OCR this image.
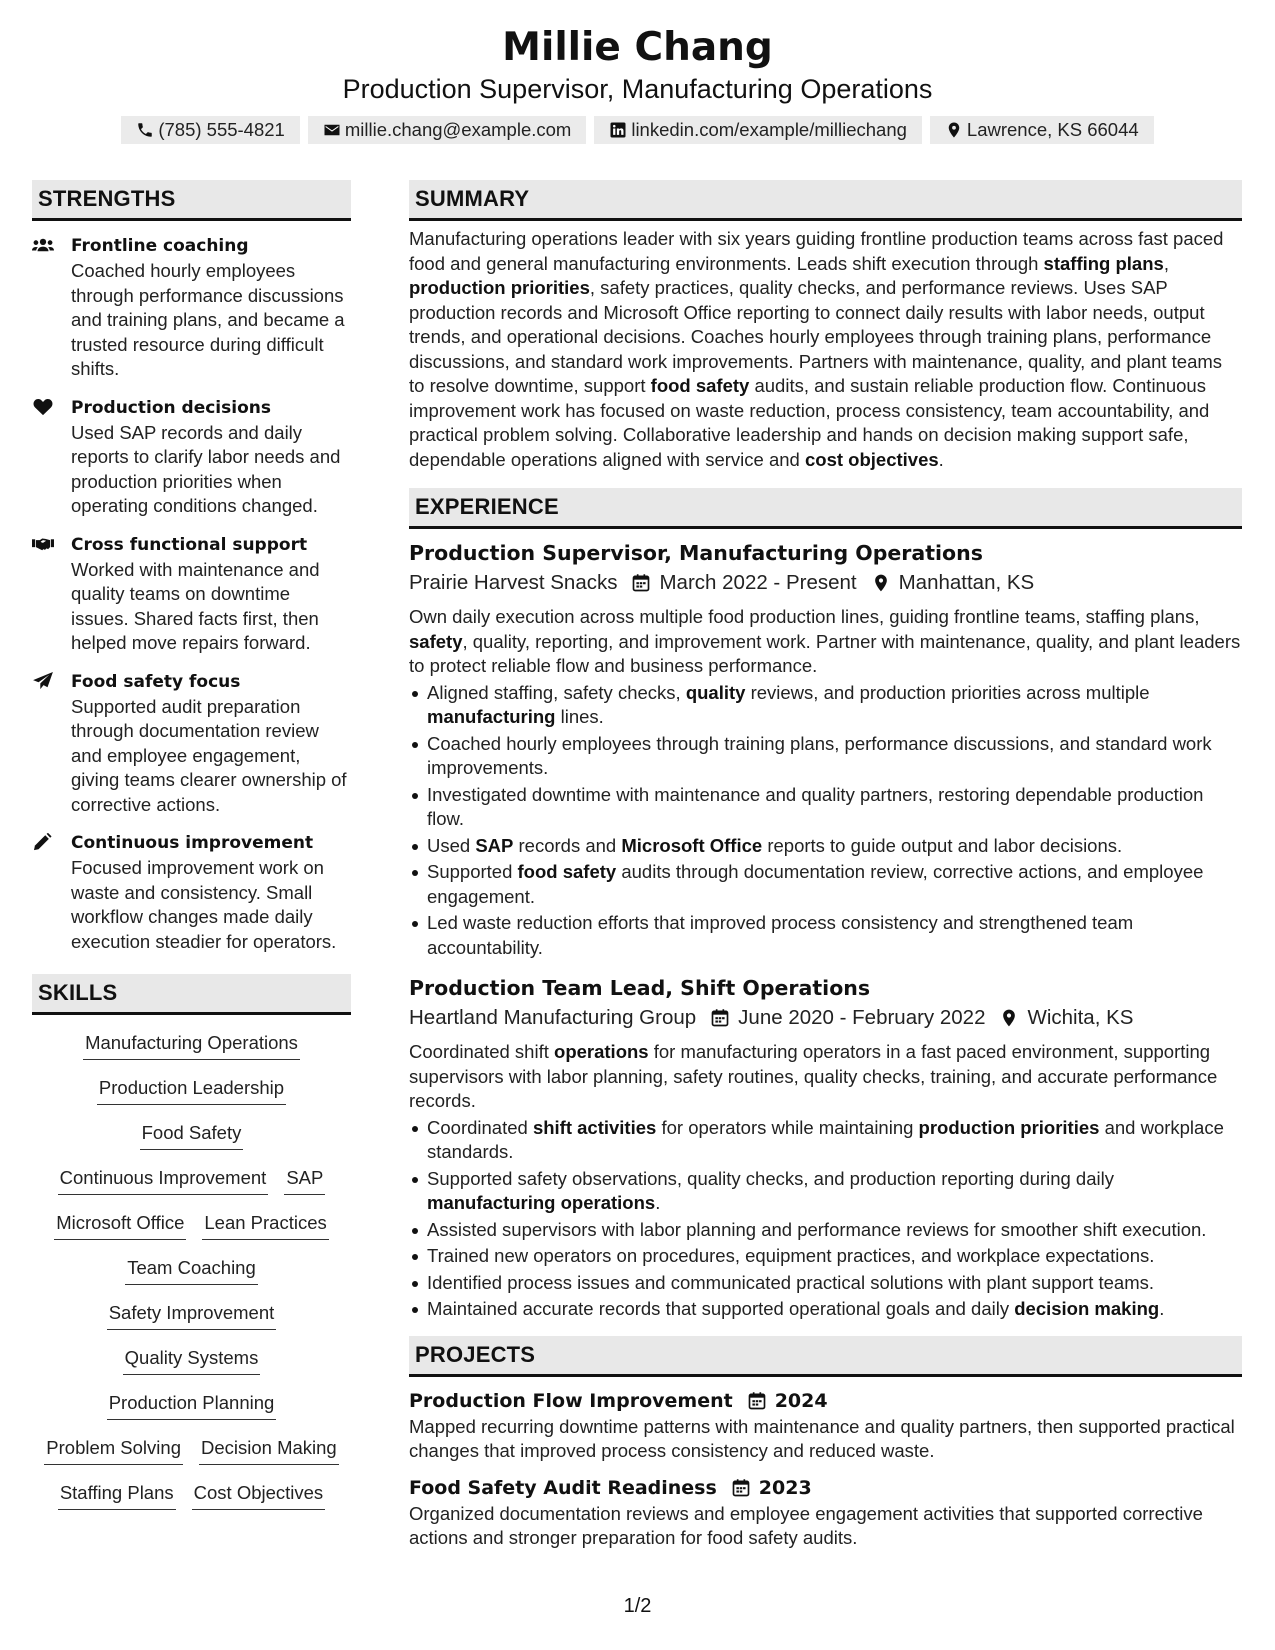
Millie Chang
Production Supervisor, Manufacturing Operations
(785) 555-4821	millie.chang@example.com	linkedin.com/example/milliechang	Lawrence, KS 66044
STRENGTHS
Frontline coaching
Coached hourly employees through performance discussions and training plans, and became a trusted resource during difficult shifts.
Production decisions
Used SAP records and daily reports to clarify labor needs and production priorities when operating conditions changed.
Cross functional support
Worked with maintenance and quality teams on downtime issues. Shared facts first, then helped move repairs forward.
Food safety focus
Supported audit preparation through documentation review and employee engagement, giving teams clearer ownership of corrective actions.
Continuous improvement
Focused improvement work on waste and consistency. Small workflow changes made daily execution steadier for operators.
SKILLS
Manufacturing Operations
Production Leadership
Food Safety
Continuous Improvement SAP
Microsoft Office Lean Practices
Team Coaching
Safety Improvement
Quality Systems
Production Planning
Problem Solving Decision Making
Staffing Plans Cost Objectives
SUMMARY
Manufacturing operations leader with six years guiding frontline production teams across fast paced food and general manufacturing environments. Leads shift execution through staffing plans, production priorities, safety practices, quality checks, and performance reviews. Uses SAP production records and Microsoft Office reporting to connect daily results with labor needs, output trends, and operational decisions. Coaches hourly employees through training plans, performance discussions, and standard work improvements. Partners with maintenance, quality, and plant teams to resolve downtime, support food safety audits, and sustain reliable production flow. Continuous improvement work has focused on waste reduction, process consistency, team accountability, and practical problem solving. Collaborative leadership and hands on decision making support safe, dependable operations aligned with service and cost objectives.
EXPERIENCE
Production Supervisor, Manufacturing Operations
Prairie Harvest Snacks March 2022 - Present Manhattan, KS
Own daily execution across multiple food production lines, guiding frontline teams, staffing plans, safety, quality, reporting, and improvement work. Partner with maintenance, quality, and plant leaders to protect reliable flow and business performance.
Aligned staffing, safety checks, quality reviews, and production priorities across multiple manufacturing lines.
Coached hourly employees through training plans, performance discussions, and standard work improvements.
Investigated downtime with maintenance and quality partners, restoring dependable production flow.
Used SAP records and Microsoft Office reports to guide output and labor decisions.
Supported food safety audits through documentation review, corrective actions, and employee engagement.
Led waste reduction efforts that improved process consistency and strengthened team accountability.
Production Team Lead, Shift Operations
Heartland Manufacturing Group June 2020 - February 2022 Wichita, KS
Coordinated shift operations for manufacturing operators in a fast paced environment, supporting supervisors with labor planning, safety routines, quality checks, training, and accurate performance records.
Coordinated shift activities for operators while maintaining production priorities and workplace standards.
Supported safety observations, quality checks, and production reporting during daily manufacturing operations.
Assisted supervisors with labor planning and performance reviews for smoother shift execution.
Trained new operators on procedures, equipment practices, and workplace expectations.
Identified process issues and communicated practical solutions with plant support teams.
Maintained accurate records that supported operational goals and daily decision making.
PROJECTS
Production Flow Improvement 2024
Mapped recurring downtime patterns with maintenance and quality partners, then supported practical changes that improved process consistency and reduced waste.
Food Safety Audit Readiness 2023
Organized documentation reviews and employee engagement activities that supported corrective actions and stronger preparation for food safety audits.
1/2
